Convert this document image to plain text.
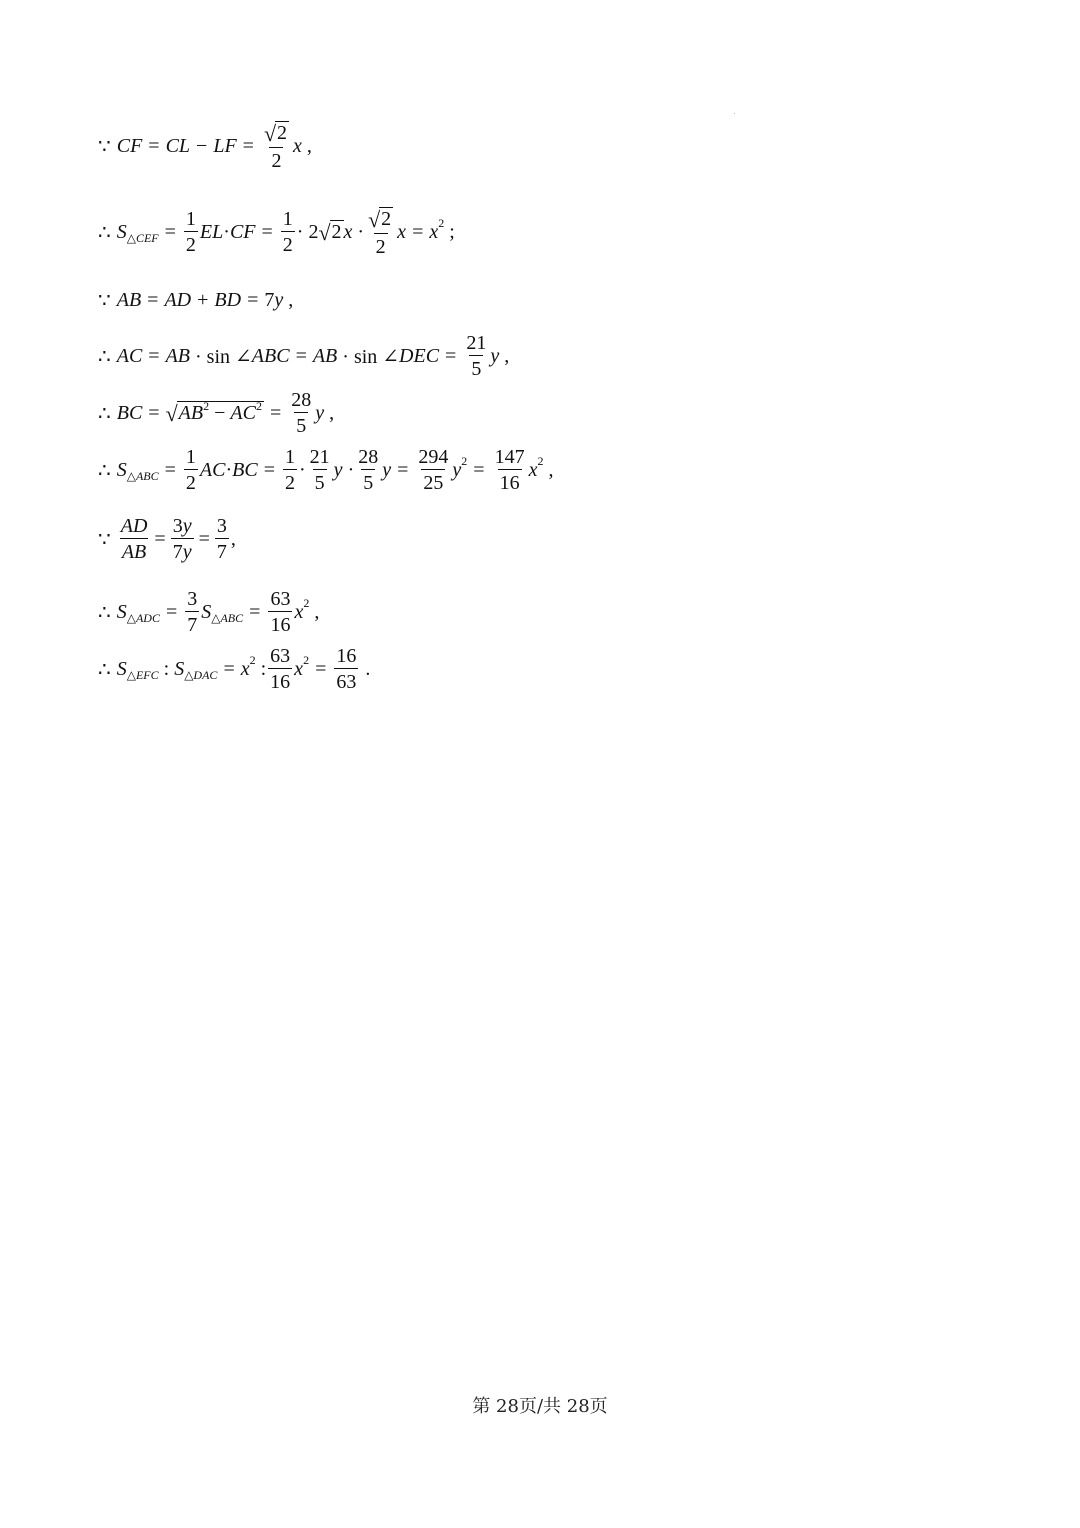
∵ CF = CL − LF = $\frac{√ 2}{2}$ x ,
∴ S △CEF = $\frac{1}{2}$ EL · CF = $\frac{1}{2} \cdot 2$ √ 2 $x \cdot \frac{√ 2}{2}$ x = x 2 ;
∵ AB = AD + BD = 7 y ,
∴ AC = AB · sin ∠ ABC = AB · sin ∠ DEC = $\frac{21}{5}$ y ,
∴ BC = √ $AB^2 - AC^2 = \frac{28}{5}$ y ,
∴ S △ABC = $\frac{1}{2}$ AC · BC = $\frac{1}{2} \cdot \frac{21}{5}$ $y \cdot \frac{28}{5}$ $y = \frac{294}{25}$ y $2 = \frac{147}{16}$ x 2 ,
∵ $\frac{AD}{AB} = \frac{3y}{7y} = \frac{3}{7}$ ,
∴ S △ADC = $\frac{3}{7}$ S △ABC = $\frac{63}{16}$ x 2 ,
∴ S △EFC : S △DAC = x 2 : $\frac{63}{16}$ x $2 = \frac{16}{63}$ .
第 28页/共 28页
